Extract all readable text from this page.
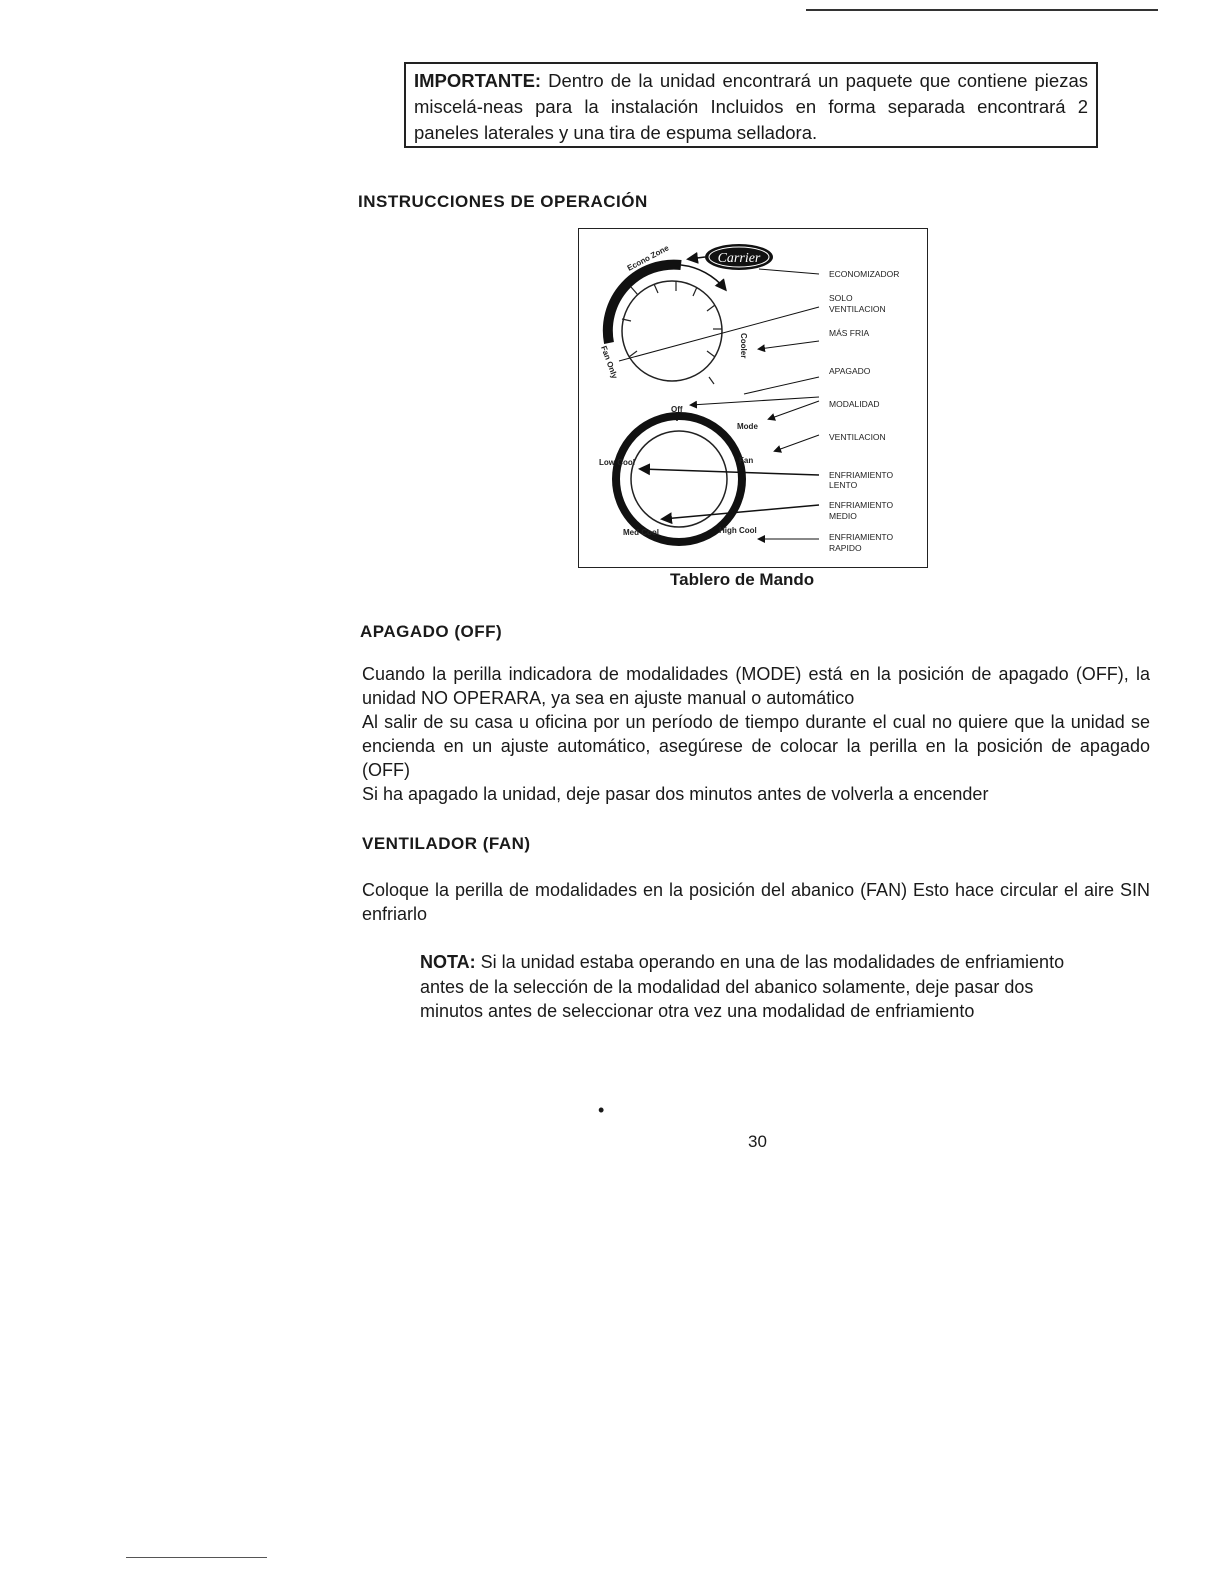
IMPORTANTE: Dentro de la unidad encontrará un paquete que contiene piezas miscelá-neas para la instalación Incluidos en forma separada encontrará 2 paneles laterales y una tira de espuma selladora.
INSTRUCCIONES DE OPERACIÓN
Carrier
Econo Zone
Fan Only	Cooler
Off
Mode
Fan
Low Cool
Med Cool	High Cool
ECONOMIZADOR
SOLO
VENTILACION
MÁS FRIA
APAGADO
MODALIDAD
VENTILACION
ENFRIAMIENTO
LENTO
ENFRIAMIENTO
MEDIO
ENFRIAMIENTO
RAPIDO
Tablero de Mando
APAGADO (OFF)

Cuando la perilla indicadora de modalidades (MODE) está en la posición de apagado (OFF), la unidad NO OPERARA, ya sea en ajuste manual o automático

Al salir de su casa u oficina por un período de tiempo durante el cual no quiere que la unidad se encienda en un ajuste automático, asegúrese de colocar la perilla en la posición de apagado (OFF)

Si ha apagado la unidad, deje pasar dos minutos antes de volverla a encender

VENTILADOR (FAN)

Coloque la perilla de modalidades en la posición del abanico (FAN) Esto hace circular el aire SIN enfriarlo

NOTA: Si la unidad estaba operando en una de las modalidades de enfriamiento antes de la selección de la modalidad del abanico solamente, deje pasar dos minutos antes de seleccionar otra vez una modalidad de enfriamiento
•
30
